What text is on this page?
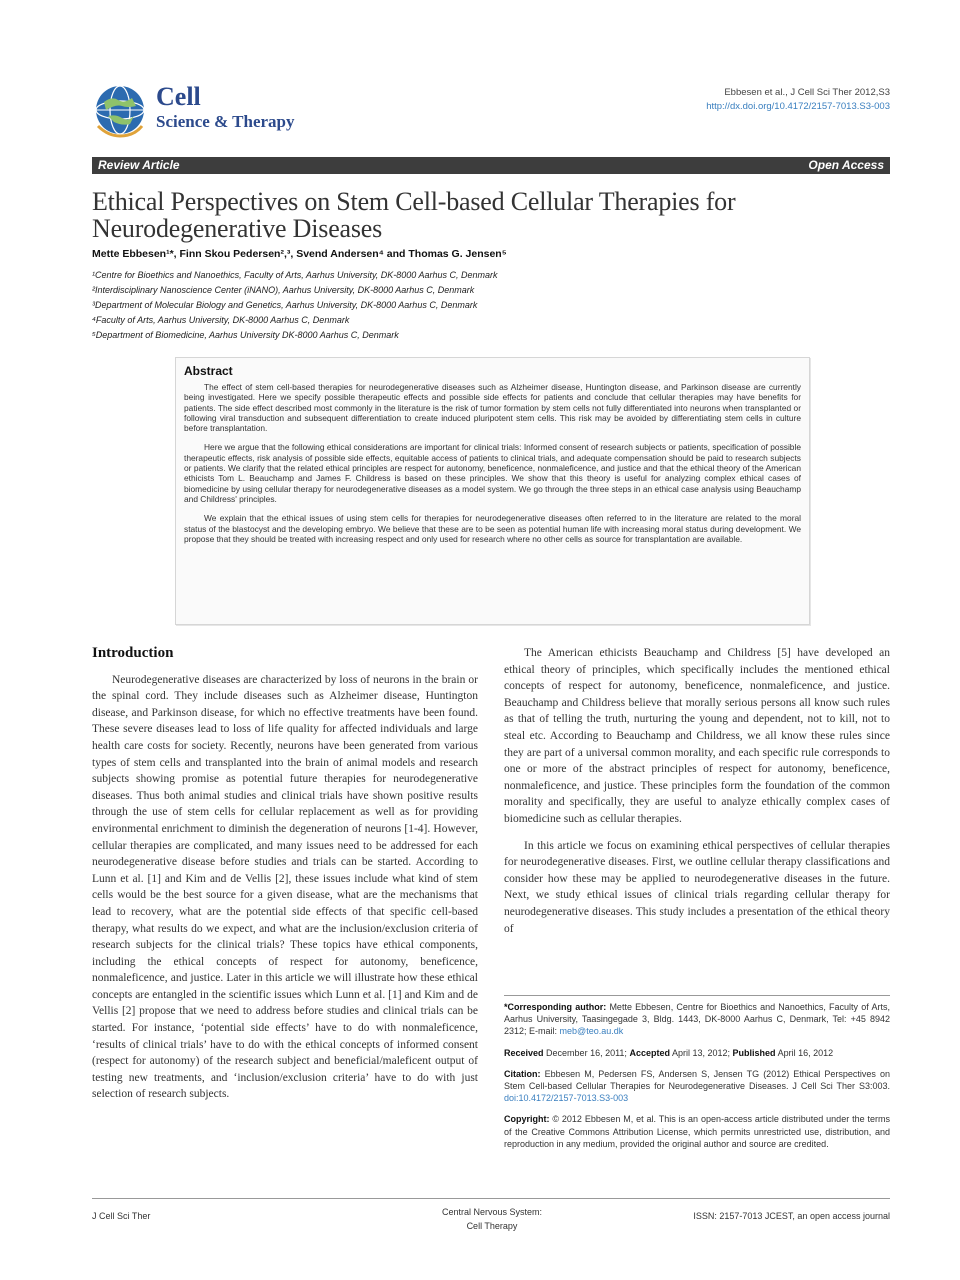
Cell
Science & Therapy
Ebbesen et al., J Cell Sci Ther 2012,S3
http://dx.doi.org/10.4172/2157-7013.S3-003
Review Article	Open Access
Ethical Perspectives on Stem Cell-based Cellular Therapies for Neurodegenerative Diseases
Mette Ebbesen¹*, Finn Skou Pedersen²,³, Svend Andersen⁴ and Thomas G. Jensen⁵
¹Centre for Bioethics and Nanoethics, Faculty of Arts, Aarhus University, DK-8000 Aarhus C, Denmark
²Interdisciplinary Nanoscience Center (iNANO), Aarhus University, DK-8000 Aarhus C, Denmark
³Department of Molecular Biology and Genetics, Aarhus University, DK-8000 Aarhus C, Denmark
⁴Faculty of Arts, Aarhus University, DK-8000 Aarhus C, Denmark
⁵Department of Biomedicine, Aarhus University DK-8000 Aarhus C, Denmark
Abstract

The effect of stem cell-based therapies for neurodegenerative diseases such as Alzheimer disease, Huntington disease, and Parkinson disease are currently being investigated. Here we specify possible therapeutic effects and possible side effects for patients and conclude that cellular therapies may have benefits for patients. The side effect described most commonly in the literature is the risk of tumor formation by stem cells not fully differentiated into neurons when transplanted or following viral transduction and subsequent differentiation to create induced pluripotent stem cells. This risk may be avoided by differentiating stem cells in culture before transplantation.

Here we argue that the following ethical considerations are important for clinical trials: Informed consent of research subjects or patients, specification of possible therapeutic effects, risk analysis of possible side effects, equitable access of patients to clinical trials, and adequate compensation should be paid to research subjects or patients. We clarify that the related ethical principles are respect for autonomy, beneficence, nonmaleficence, and justice and that the ethical theory of the American ethicists Tom L. Beauchamp and James F. Childress is based on these principles. We show that this theory is useful for analyzing complex ethical cases of biomedicine by using cellular therapy for neurodegenerative diseases as a model system. We go through the three steps in an ethical case analysis using Beauchamp and Childress' principles.

We explain that the ethical issues of using stem cells for therapies for neurodegenerative diseases often referred to in the literature are related to the moral status of the blastocyst and the developing embryo. We believe that these are to be seen as potential human life with increasing moral status during development. We propose that they should be treated with increasing respect and only used for research where no other cells as source for transplantation are available.

Introduction

Neurodegenerative diseases are characterized by loss of neurons in the brain or the spinal cord. They include diseases such as Alzheimer disease, Huntington disease, and Parkinson disease, for which no effective treatments have been found. These severe diseases lead to loss of life quality for affected individuals and large health care costs for society. Recently, neurons have been generated from various types of stem cells and transplanted into the brain of animal models and research subjects showing promise as potential future therapies for neurodegenerative diseases. Thus both animal studies and clinical trials have shown positive results through the use of stem cells for cellular replacement as well as for providing environmental enrichment to diminish the degeneration of neurons [1-4]. However, cellular therapies are complicated, and many issues need to be addressed for each neurodegenerative disease before studies and trials can be started. According to Lunn et al. [1] and Kim and de Vellis [2], these issues include what kind of stem cells would be the best source for a given disease, what are the mechanisms that lead to recovery, what are the potential side effects of that specific cell-based therapy, what results do we expect, and what are the inclusion/exclusion criteria of research subjects for the clinical trials? These topics have ethical components, including the ethical concepts of respect for autonomy, beneficence, nonmaleficence, and justice. Later in this article we will illustrate how these ethical concepts are entangled in the scientific issues which Lunn et al. [1] and Kim and de Vellis [2] propose that we need to address before studies and clinical trials can be started. For instance, ‘potential side effects’ have to do with nonmaleficence, ‘results of clinical trials’ have to do with the ethical concepts of informed consent (respect for autonomy) of the research subject and beneficial/maleficent output of testing new treatments, and ‘inclusion/exclusion criteria’ have to do with just selection of research subjects.

The American ethicists Beauchamp and Childress [5] have developed an ethical theory of principles, which specifically includes the mentioned ethical concepts of respect for autonomy, beneficence, nonmaleficence, and justice. Beauchamp and Childress believe that morally serious persons all know such rules as that of telling the truth, nurturing the young and dependent, not to kill, not to steal etc. According to Beauchamp and Childress, we all know these rules since they are part of a universal common morality, and each specific rule corresponds to one or more of the abstract principles of respect for autonomy, beneficence, nonmaleficence, and justice. These principles form the foundation of the common morality and specifically, they are useful to analyze ethically complex cases of biomedicine such as cellular therapies.

In this article we focus on examining ethical perspectives of cellular therapies for neurodegenerative diseases. First, we outline cellular therapy classifications and consider how these may be applied to neurodegenerative diseases in the future. Next, we study ethical issues of clinical trials regarding cellular therapy for neurodegenerative diseases. This study includes a presentation of the ethical theory of

*Corresponding author: Mette Ebbesen, Centre for Bioethics and Nanoethics, Faculty of Arts, Aarhus University, Taasingegade 3, Bldg. 1443, DK-8000 Aarhus C, Denmark, Tel: +45 8942 2312; E-mail: meb@teo.au.dk

Received December 16, 2011; Accepted April 13, 2012; Published April 16, 2012

Citation: Ebbesen M, Pedersen FS, Andersen S, Jensen TG (2012) Ethical Perspectives on Stem Cell-based Cellular Therapies for Neurodegenerative Diseases. J Cell Sci Ther S3:003. doi:10.4172/2157-7013.S3-003

Copyright: © 2012 Ebbesen M, et al. This is an open-access article distributed under the terms of the Creative Commons Attribution License, which permits unrestricted use, distribution, and reproduction in any medium, provided the original author and source are credited.

J Cell Sci Ther	Central Nervous System:
Cell Therapy
ISSN: 2157-7013 JCEST, an open access journal
